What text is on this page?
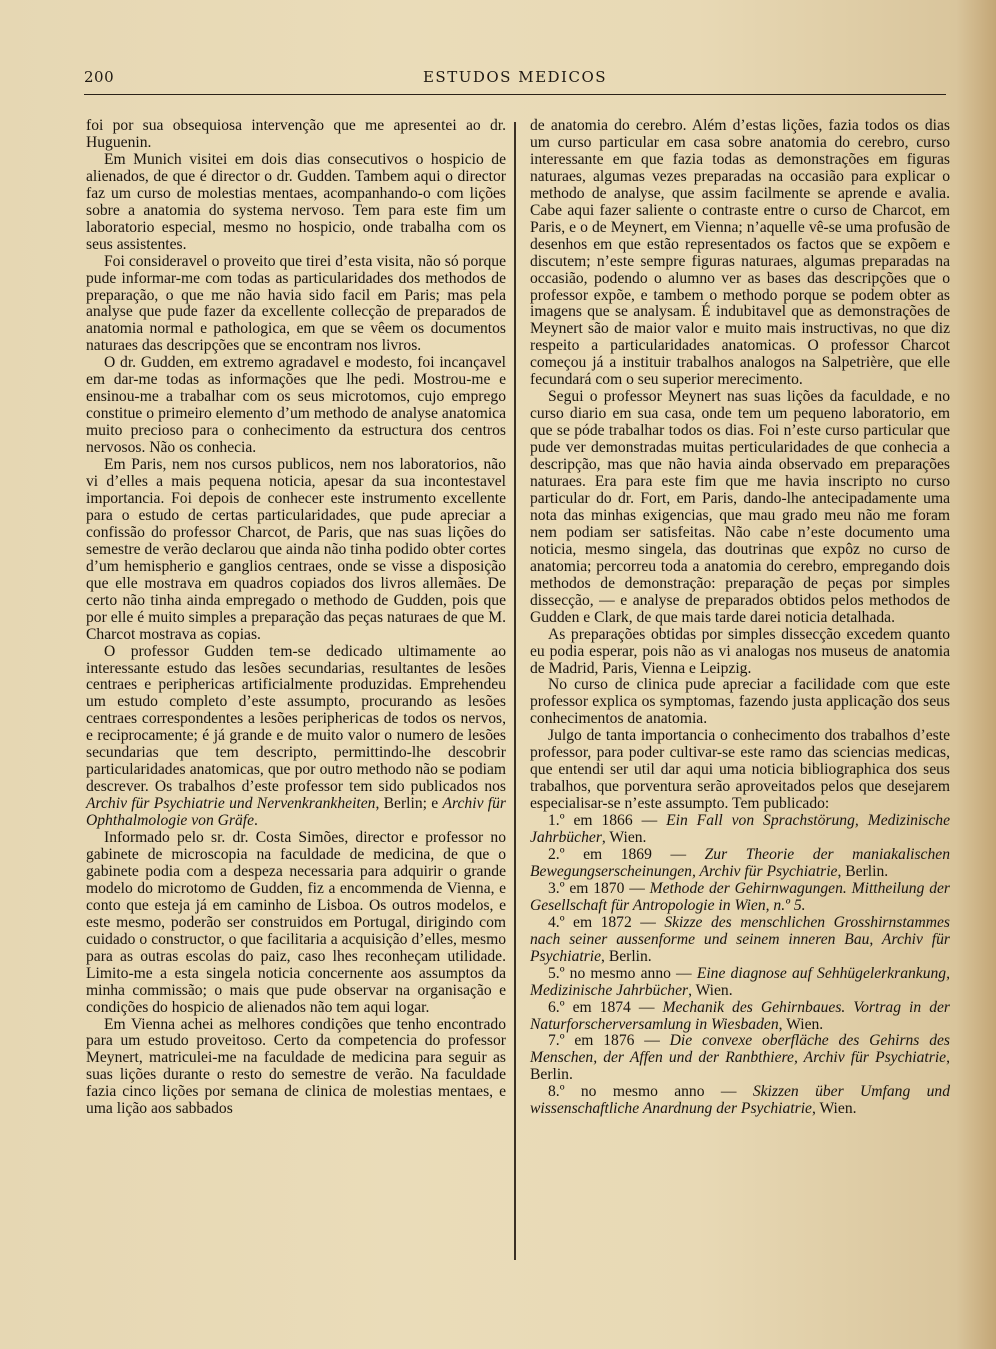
200	ESTUDOS MEDICOS

foi por sua obsequiosa intervenção que me apresentei ao dr. Huguenin.

Em Munich visitei em dois dias consecutivos o hospicio de alienados, de que é director o dr. Gudden. Tambem aqui o director faz um curso de molestias mentaes, acompanhando-o com lições sobre a anatomia do systema nervoso. Tem para este fim um laboratorio especial, mesmo no hospicio, onde trabalha com os seus assistentes.

Foi consideravel o proveito que tirei d’esta visita, não só porque pude informar-me com todas as particularidades dos methodos de preparação, o que me não havia sido facil em Paris; mas pela analyse que pude fazer da excellente collecção de preparados de anatomia normal e pathologica, em que se vêem os documentos naturaes das descripções que se encontram nos livros.

O dr. Gudden, em extremo agradavel e modesto, foi incançavel em dar-me todas as informações que lhe pedi. Mostrou-me e ensinou-me a trabalhar com os seus microtomos, cujo emprego constitue o primeiro elemento d’um methodo de analyse anatomica muito precioso para o conhecimento da estructura dos centros nervosos. Não os conhecia.

Em Paris, nem nos cursos publicos, nem nos laboratorios, não vi d’elles a mais pequena noticia, apesar da sua incontestavel importancia. Foi depois de conhecer este instrumento excellente para o estudo de certas particularidades, que pude apreciar a confissão do professor Charcot, de Paris, que nas suas lições do semestre de verão declarou que ainda não tinha podido obter cortes d’um hemispherio e ganglios centraes, onde se visse a disposição que elle mostrava em quadros copiados dos livros allemães. De certo não tinha ainda empregado o methodo de Gudden, pois que por elle é muito simples a preparação das peças naturaes de que M. Charcot mostrava as copias.

O professor Gudden tem-se dedicado ultimamente ao interessante estudo das lesões secundarias, resultantes de lesões centraes e periphericas artificialmente produzidas. Emprehendeu um estudo completo d’este assumpto, procurando as lesões centraes correspondentes a lesões periphericas de todos os nervos, e reciprocamente; é já grande e de muito valor o numero de lesões secundarias que tem descripto, permittindo-lhe descobrir particularidades anatomicas, que por outro methodo não se podiam descrever. Os trabalhos d’este professor tem sido publicados nos Archiv für Psychiatrie und Nervenkrankheiten, Berlin; e Archiv für Ophthalmologie von Gräfe.

Informado pelo sr. dr. Costa Simões, director e professor no gabinete de microscopia na faculdade de medicina, de que o gabinete podia com a despeza necessaria para adquirir o grande modelo do microtomo de Gudden, fiz a encommenda de Vienna, e conto que esteja já em caminho de Lisboa. Os outros modelos, e este mesmo, poderão ser construidos em Portugal, dirigindo com cuidado o constructor, o que facilitaria a acquisição d’elles, mesmo para as outras escolas do paiz, caso lhes reconheçam utilidade. Limito-me a esta singela noticia concernente aos assumptos da minha commissão; o mais que pude observar na organisação e condições do hospicio de alienados não tem aqui logar.

Em Vienna achei as melhores condições que tenho encontrado para um estudo proveitoso. Certo da competencia do professor Meynert, matriculei-me na faculdade de medicina para seguir as suas lições durante o resto do semestre de verão. Na faculdade fazia cinco lições por semana de clinica de molestias mentaes, e uma lição aos sabbados

de anatomia do cerebro. Além d’estas lições, fazia todos os dias um curso particular em casa sobre anatomia do cerebro, curso interessante em que fazia todas as demonstrações em figuras naturaes, algumas vezes preparadas na occasião para explicar o methodo de analyse, que assim facilmente se aprende e avalia. Cabe aqui fazer saliente o contraste entre o curso de Charcot, em Paris, e o de Meynert, em Vienna; n’aquelle vê-se uma profusão de desenhos em que estão representados os factos que se expõem e discutem; n’este sempre figuras naturaes, algumas preparadas na occasião, podendo o alumno ver as bases das descripções que o professor expõe, e tambem o methodo porque se podem obter as imagens que se analysam. É indubitavel que as demonstrações de Meynert são de maior valor e muito mais instructivas, no que diz respeito a particularidades anatomicas. O professor Charcot começou já a instituir trabalhos analogos na Salpetrière, que elle fecundará com o seu superior merecimento.

Segui o professor Meynert nas suas lições da faculdade, e no curso diario em sua casa, onde tem um pequeno laboratorio, em que se póde trabalhar todos os dias. Foi n’este curso particular que pude ver demonstradas muitas perticularidades de que conhecia a descripção, mas que não havia ainda observado em preparações naturaes. Era para este fim que me havia inscripto no curso particular do dr. Fort, em Paris, dando-lhe antecipadamente uma nota das minhas exigencias, que mau grado meu não me foram nem podiam ser satisfeitas. Não cabe n’este documento uma noticia, mesmo singela, das doutrinas que expôz no curso de anatomia; percorreu toda a anatomia do cerebro, empregando dois methodos de demonstração: preparação de peças por simples dissecção, — e analyse de preparados obtidos pelos methodos de Gudden e Clark, de que mais tarde darei noticia detalhada.

As preparações obtidas por simples dissecção excedem quanto eu podia esperar, pois não as vi analogas nos museus de anatomia de Madrid, Paris, Vienna e Leipzig.

No curso de clinica pude apreciar a facilidade com que este professor explica os symptomas, fazendo justa applicação dos seus conhecimentos de anatomia.

Julgo de tanta importancia o conhecimento dos trabalhos d’este professor, para poder cultivar-se este ramo das sciencias medicas, que entendi ser util dar aqui uma noticia bibliographica dos seus trabalhos, que porventura serão aproveitados pelos que desejarem especialisar-se n’este assumpto. Tem publicado:

1.º em 1866 — Ein Fall von Sprachstörung, Medizinische Jahrbücher, Wien.

2.º em 1869 — Zur Theorie der maniakalischen Bewegungserscheinungen, Archiv für Psychiatrie, Berlin.

3.º em 1870 — Methode der Gehirnwagungen. Mittheilung der Gesellschaft für Antropologie in Wien, n.º 5.

4.º em 1872 — Skizze des menschlichen Grosshirnstammes nach seiner aussenforme und seinem inneren Bau, Archiv für Psychiatrie, Berlin.

5.º no mesmo anno — Eine diagnose auf Sehhügelerkrankung, Medizinische Jahrbücher, Wien.

6.º em 1874 — Mechanik des Gehirnbaues. Vortrag in der Naturforscherversamlung in Wiesbaden, Wien.

7.º em 1876 — Die convexe oberfläche des Gehirns des Menschen, der Affen und der Ranbthiere, Archiv für Psychiatrie, Berlin.

8.º no mesmo anno — Skizzen über Umfang und wissenschaftliche Anardnung der Psychiatrie, Wien.
